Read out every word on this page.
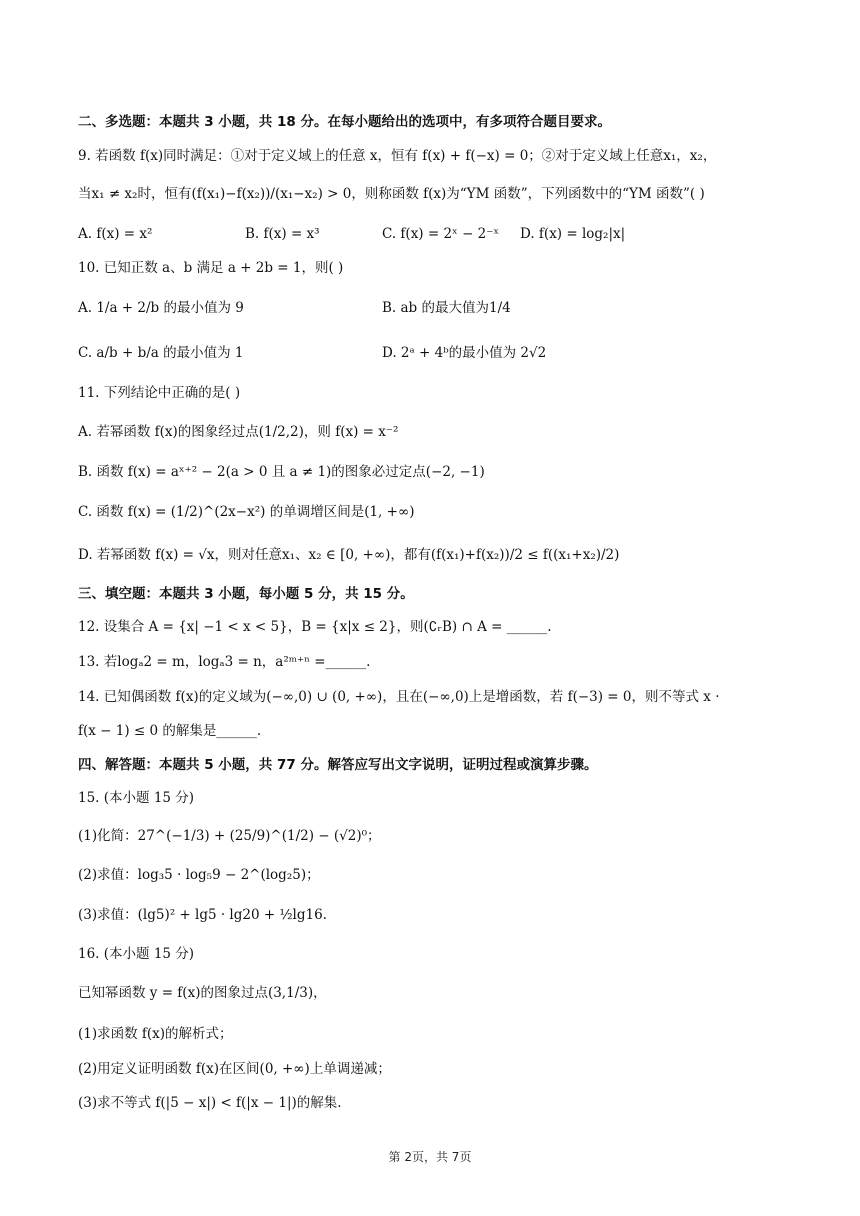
二、多选题：本题共 3 小题，共 18 分。在每小题给出的选项中，有多项符合题目要求。
9. 若函数 f(x)同时满足：①对于定义域上的任意 x，恒有 f(x) + f(−x) = 0；②对于定义域上任意x₁，x₂，
当x₁ ≠ x₂时，恒有(f(x₁)−f(x₂))/(x₁−x₂) > 0，则称函数 f(x)为“YM 函数”，下列函数中的“YM 函数”( )
A. f(x) = x²	B. f(x) = x³	C. f(x) = 2ˣ − 2⁻ˣ	D. f(x) = log₂|x|
10. 已知正数 a、b 满足 a + 2b = 1，则( )
A. 1/a + 2/b 的最小值为 9	B. ab 的最大值为1/4
C. a/b + b/a 的最小值为 1	D. 2ᵃ + 4ᵇ的最小值为 2√2
11. 下列结论中正确的是( )
A. 若幂函数 f(x)的图象经过点(1/2,2)，则 f(x) = x⁻²
B. 函数 f(x) = aˣ⁺² − 2(a > 0 且 a ≠ 1)的图象必过定点(−2, −1)
C. 函数 f(x) = (1/2)^(2x−x²) 的单调增区间是(1, +∞)
D. 若幂函数 f(x) = √x，则对任意x₁、x₂ ∈ [0, +∞)，都有(f(x₁)+f(x₂))/2 ≤ f((x₁+x₂)/2)
三、填空题：本题共 3 小题，每小题 5 分，共 15 分。
12. 设集合 A = {x| −1 < x < 5}，B = {x|x ≤ 2}，则(∁ᵣB) ∩ A = ______.
13. 若logₐ2 = m，logₐ3 = n，a²ᵐ⁺ⁿ =______.
14. 已知偶函数 f(x)的定义域为(−∞,0) ∪ (0, +∞)，且在(−∞,0)上是增函数，若 f(−3) = 0，则不等式 x ·
f(x − 1) ≤ 0 的解集是______.
四、解答题：本题共 5 小题，共 77 分。解答应写出文字说明，证明过程或演算步骤。
15. (本小题 15 分)
(1)化简：27^(−1/3) + (25/9)^(1/2) − (√2)⁰；
(2)求值：log₃5 · log₅9 − 2^(log₂5)；
(3)求值：(lg5)² + lg5 · lg20 + ½lg16.
16. (本小题 15 分)
已知幂函数 y = f(x)的图象过点(3,1/3)，
(1)求函数 f(x)的解析式；
(2)用定义证明函数 f(x)在区间(0, +∞)上单调递减；
(3)求不等式 f(|5 − x|) < f(|x − 1|)的解集.
第 2页，共 7页
